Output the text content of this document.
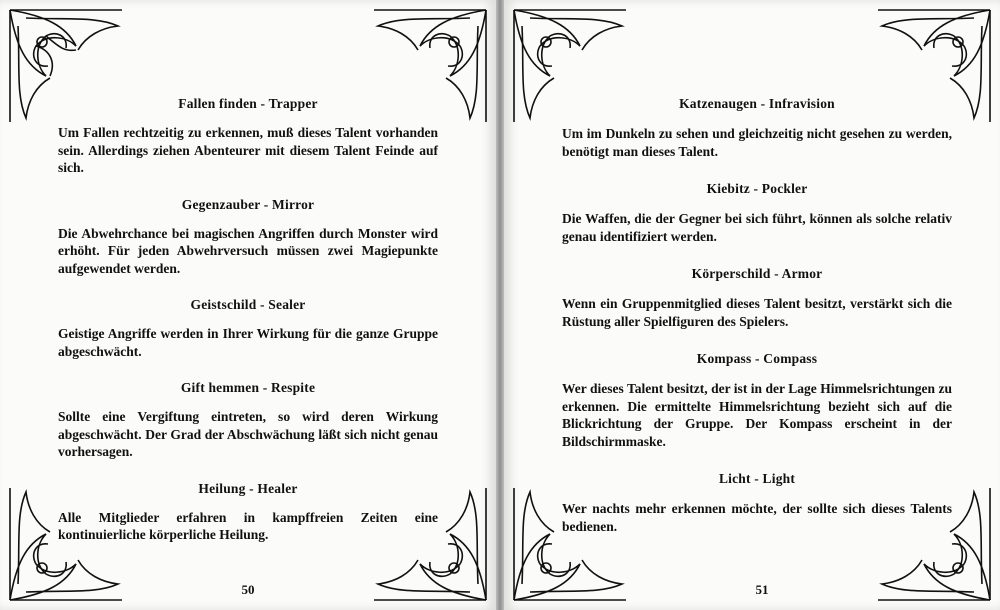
Fallen finden - Trapper

Um Fallen rechtzeitig zu erkennen, muß dieses Talent vorhanden sein. Allerdings ziehen Abenteurer mit diesem Talent Feinde auf sich.

Gegenzauber - Mirror

Die Abwehrchance bei magischen Angriffen durch Monster wird erhöht. Für jeden Abwehrversuch müssen zwei Magiepunkte aufgewendet werden.

Geistschild - Sealer

Geistige Angriffe werden in Ihrer Wirkung für die ganze Gruppe abgeschwächt.

Gift hemmen - Respite

Sollte eine Vergiftung eintreten, so wird deren Wirkung abgeschwächt. Der Grad der Abschwächung läßt sich nicht genau vorhersagen.

Heilung - Healer

Alle Mitglieder erfahren in kampffreien Zeiten eine kontinuierliche körperliche Heilung.

50
Katzenaugen - Infravision

Um im Dunkeln zu sehen und gleichzeitig nicht gesehen zu werden, benötigt man dieses Talent.

Kiebitz - Pockler

Die Waffen, die der Gegner bei sich führt, können als solche relativ genau identifiziert werden.

Körperschild - Armor

Wenn ein Gruppenmitglied dieses Talent besitzt, verstärkt sich die Rüstung aller Spielfiguren des Spielers.

Kompass - Compass

Wer dieses Talent besitzt, der ist in der Lage Himmelsrichtungen zu erkennen. Die ermittelte Himmelsrichtung bezieht sich auf die Blickrichtung der Gruppe. Der Kompass erscheint in der Bildschirmmaske.

Licht - Light

Wer nachts mehr erkennen möchte, der sollte sich dieses Talents bedienen.

51
